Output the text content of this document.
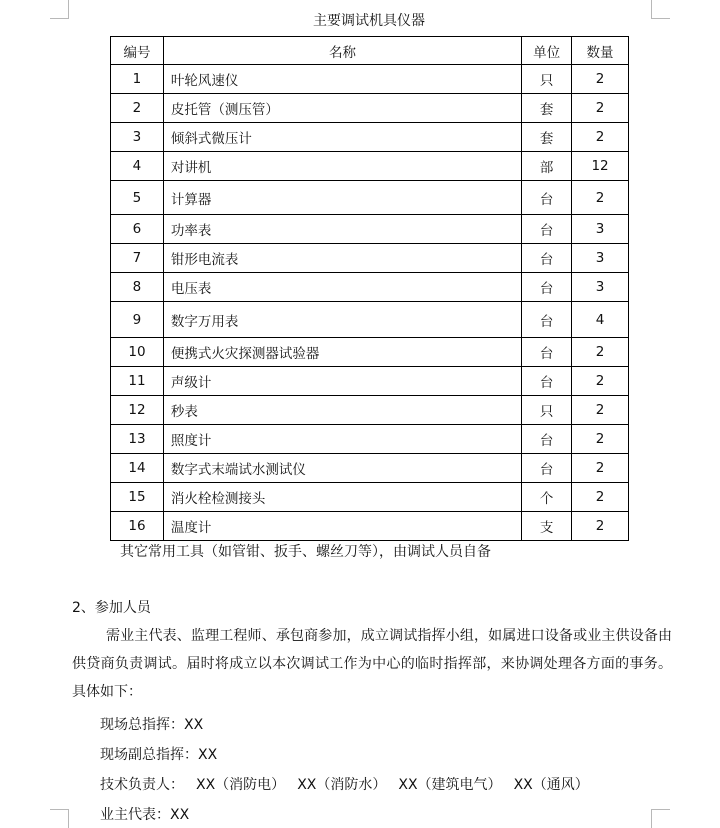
主要调试机具仪器
编号	名称	单位	数量
1	叶轮风速仪	只	2
2	皮托管（测压管）	套	2
3	倾斜式微压计	套	2
4	对讲机	部	12
5	计算器	台	2
6	功率表	台	3
7	钳形电流表	台	3
8	电压表	台	3
9	数字万用表	台	4
10	便携式火灾探测器试验器	台	2
11	声级计	台	2
12	秒表	只	2
13	照度计	台	2
14	数字式末端试水测试仪	台	2
15	消火栓检测接头	个	2
16	温度计	支	2
其它常用工具（如管钳、扳手、螺丝刀等），由调试人员自备
2、参加人员
需业主代表、监理工程师、承包商参加，成立调试指挥小组，如属进口设备或业主供设备由供贷商负责调试。届时将成立以本次调试工作为中心的临时指挥部，来协调处理各方面的事务。具体如下：
现场总指挥：XX
现场副总指挥：XX
技术负责人： XX（消防电） XX（消防水） XX（建筑电气） XX（通风）
业主代表：XX
